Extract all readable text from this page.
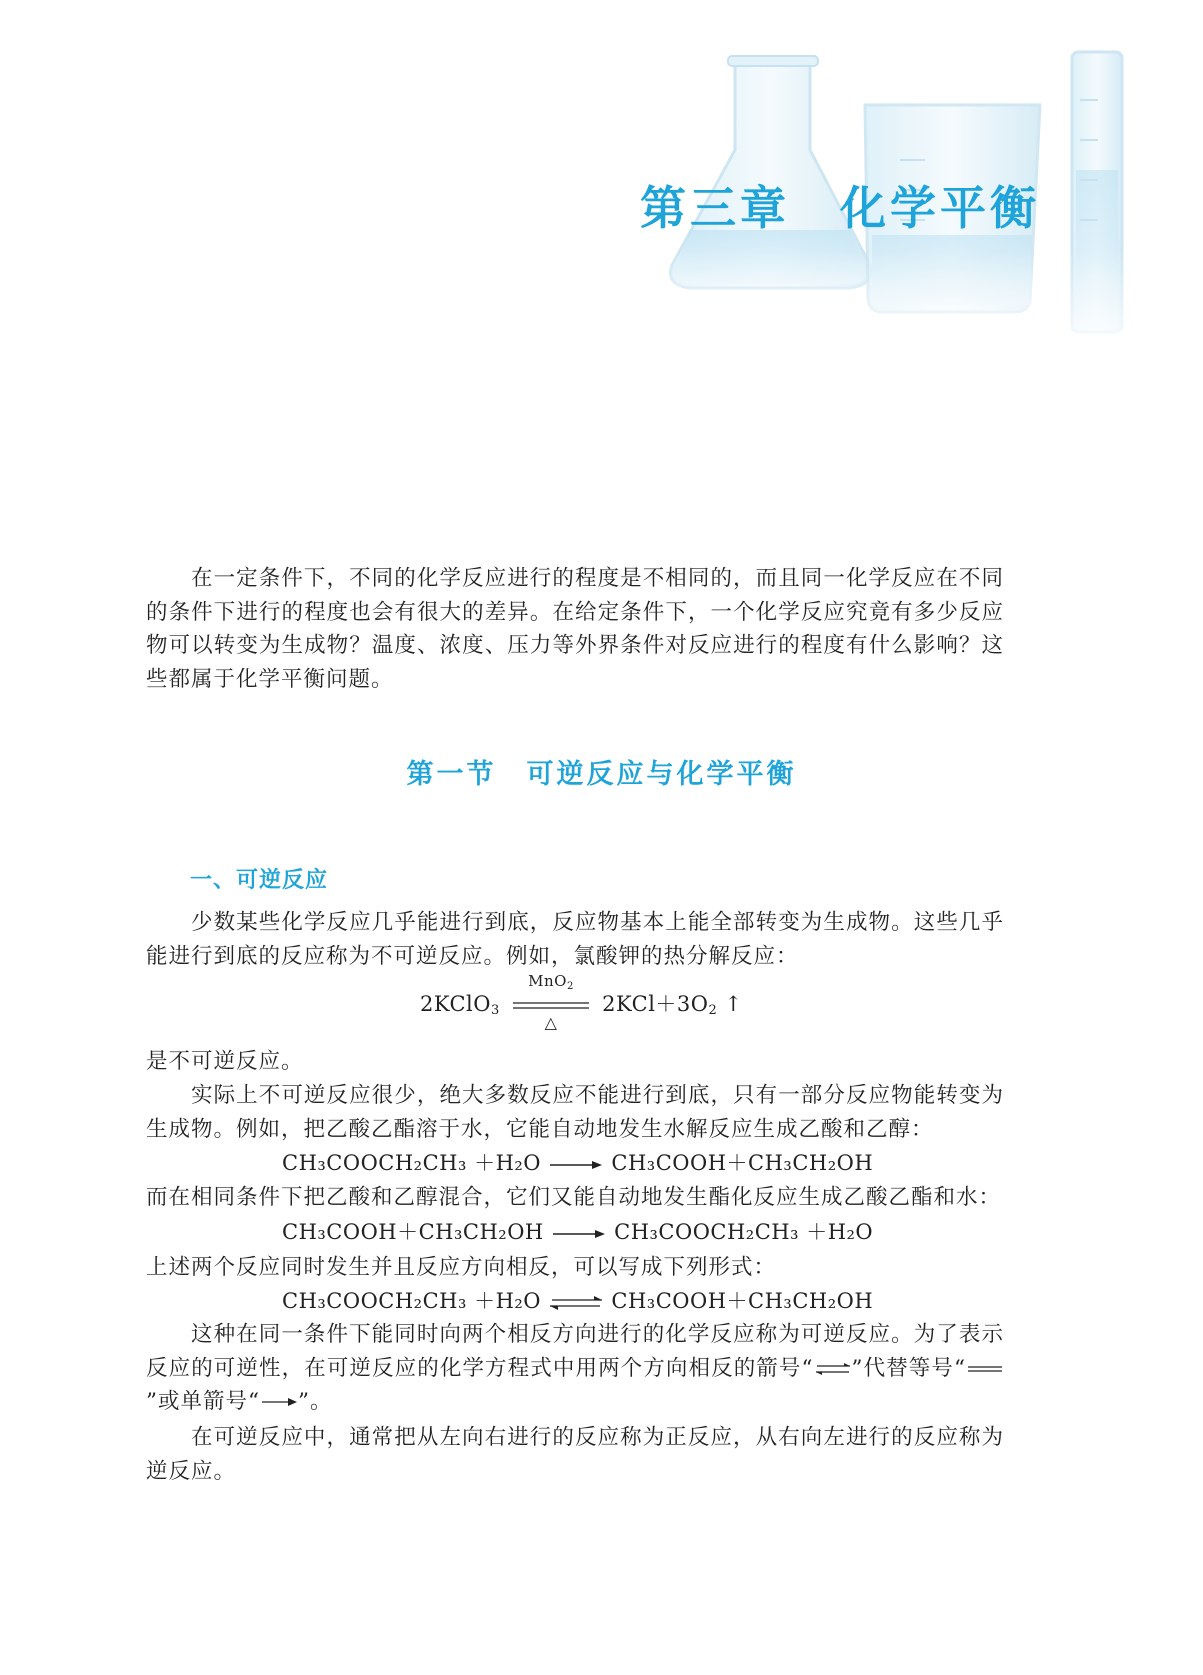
第三章　化学平衡
在一定条件下，不同的化学反应进行的程度是不相同的，而且同一化学反应在不同的条件下进行的程度也会有很大的差异。在给定条件下，一个化学反应究竟有多少反应物可以转变为生成物？温度、浓度、压力等外界条件对反应进行的程度有什么影响？这些都属于化学平衡问题。
第一节　可逆反应与化学平衡
一、可逆反应
少数某些化学反应几乎能进行到底，反应物基本上能全部转变为生成物。这些几乎能进行到底的反应称为不可逆反应。例如，氯酸钾的热分解反应：
2KClO$_3$
MnO$_2$
△
$2KCl+3O_2$ ↑
是不可逆反应。
实际上不可逆反应很少，绝大多数反应不能进行到底，只有一部分反应物能转变为生成物。例如，把乙酸乙酯溶于水，它能自动地发生水解反应生成乙酸和乙醇：
CH₃COOCH₂CH₃ ＋H₂O	CH₃COOH＋CH₃CH₂OH
而在相同条件下把乙酸和乙醇混合，它们又能自动地发生酯化反应生成乙酸乙酯和水：
CH₃COOH＋CH₃CH₂OH	CH₃COOCH₂CH₃ ＋H₂O
上述两个反应同时发生并且反应方向相反，可以写成下列形式：
CH₃COOCH₂CH₃ ＋H₂O ⇌ CH₃COOH＋CH₃CH₂OH
这种在同一条件下能同时向两个相反方向进行的化学反应称为可逆反应。为了表示反应的可逆性，在可逆反应的化学方程式中用两个方向相反的箭号“⇌”代替等号“”或单箭号“ ”。
在可逆反应中，通常把从左向右进行的反应称为正反应，从右向左进行的反应称为逆反应。
